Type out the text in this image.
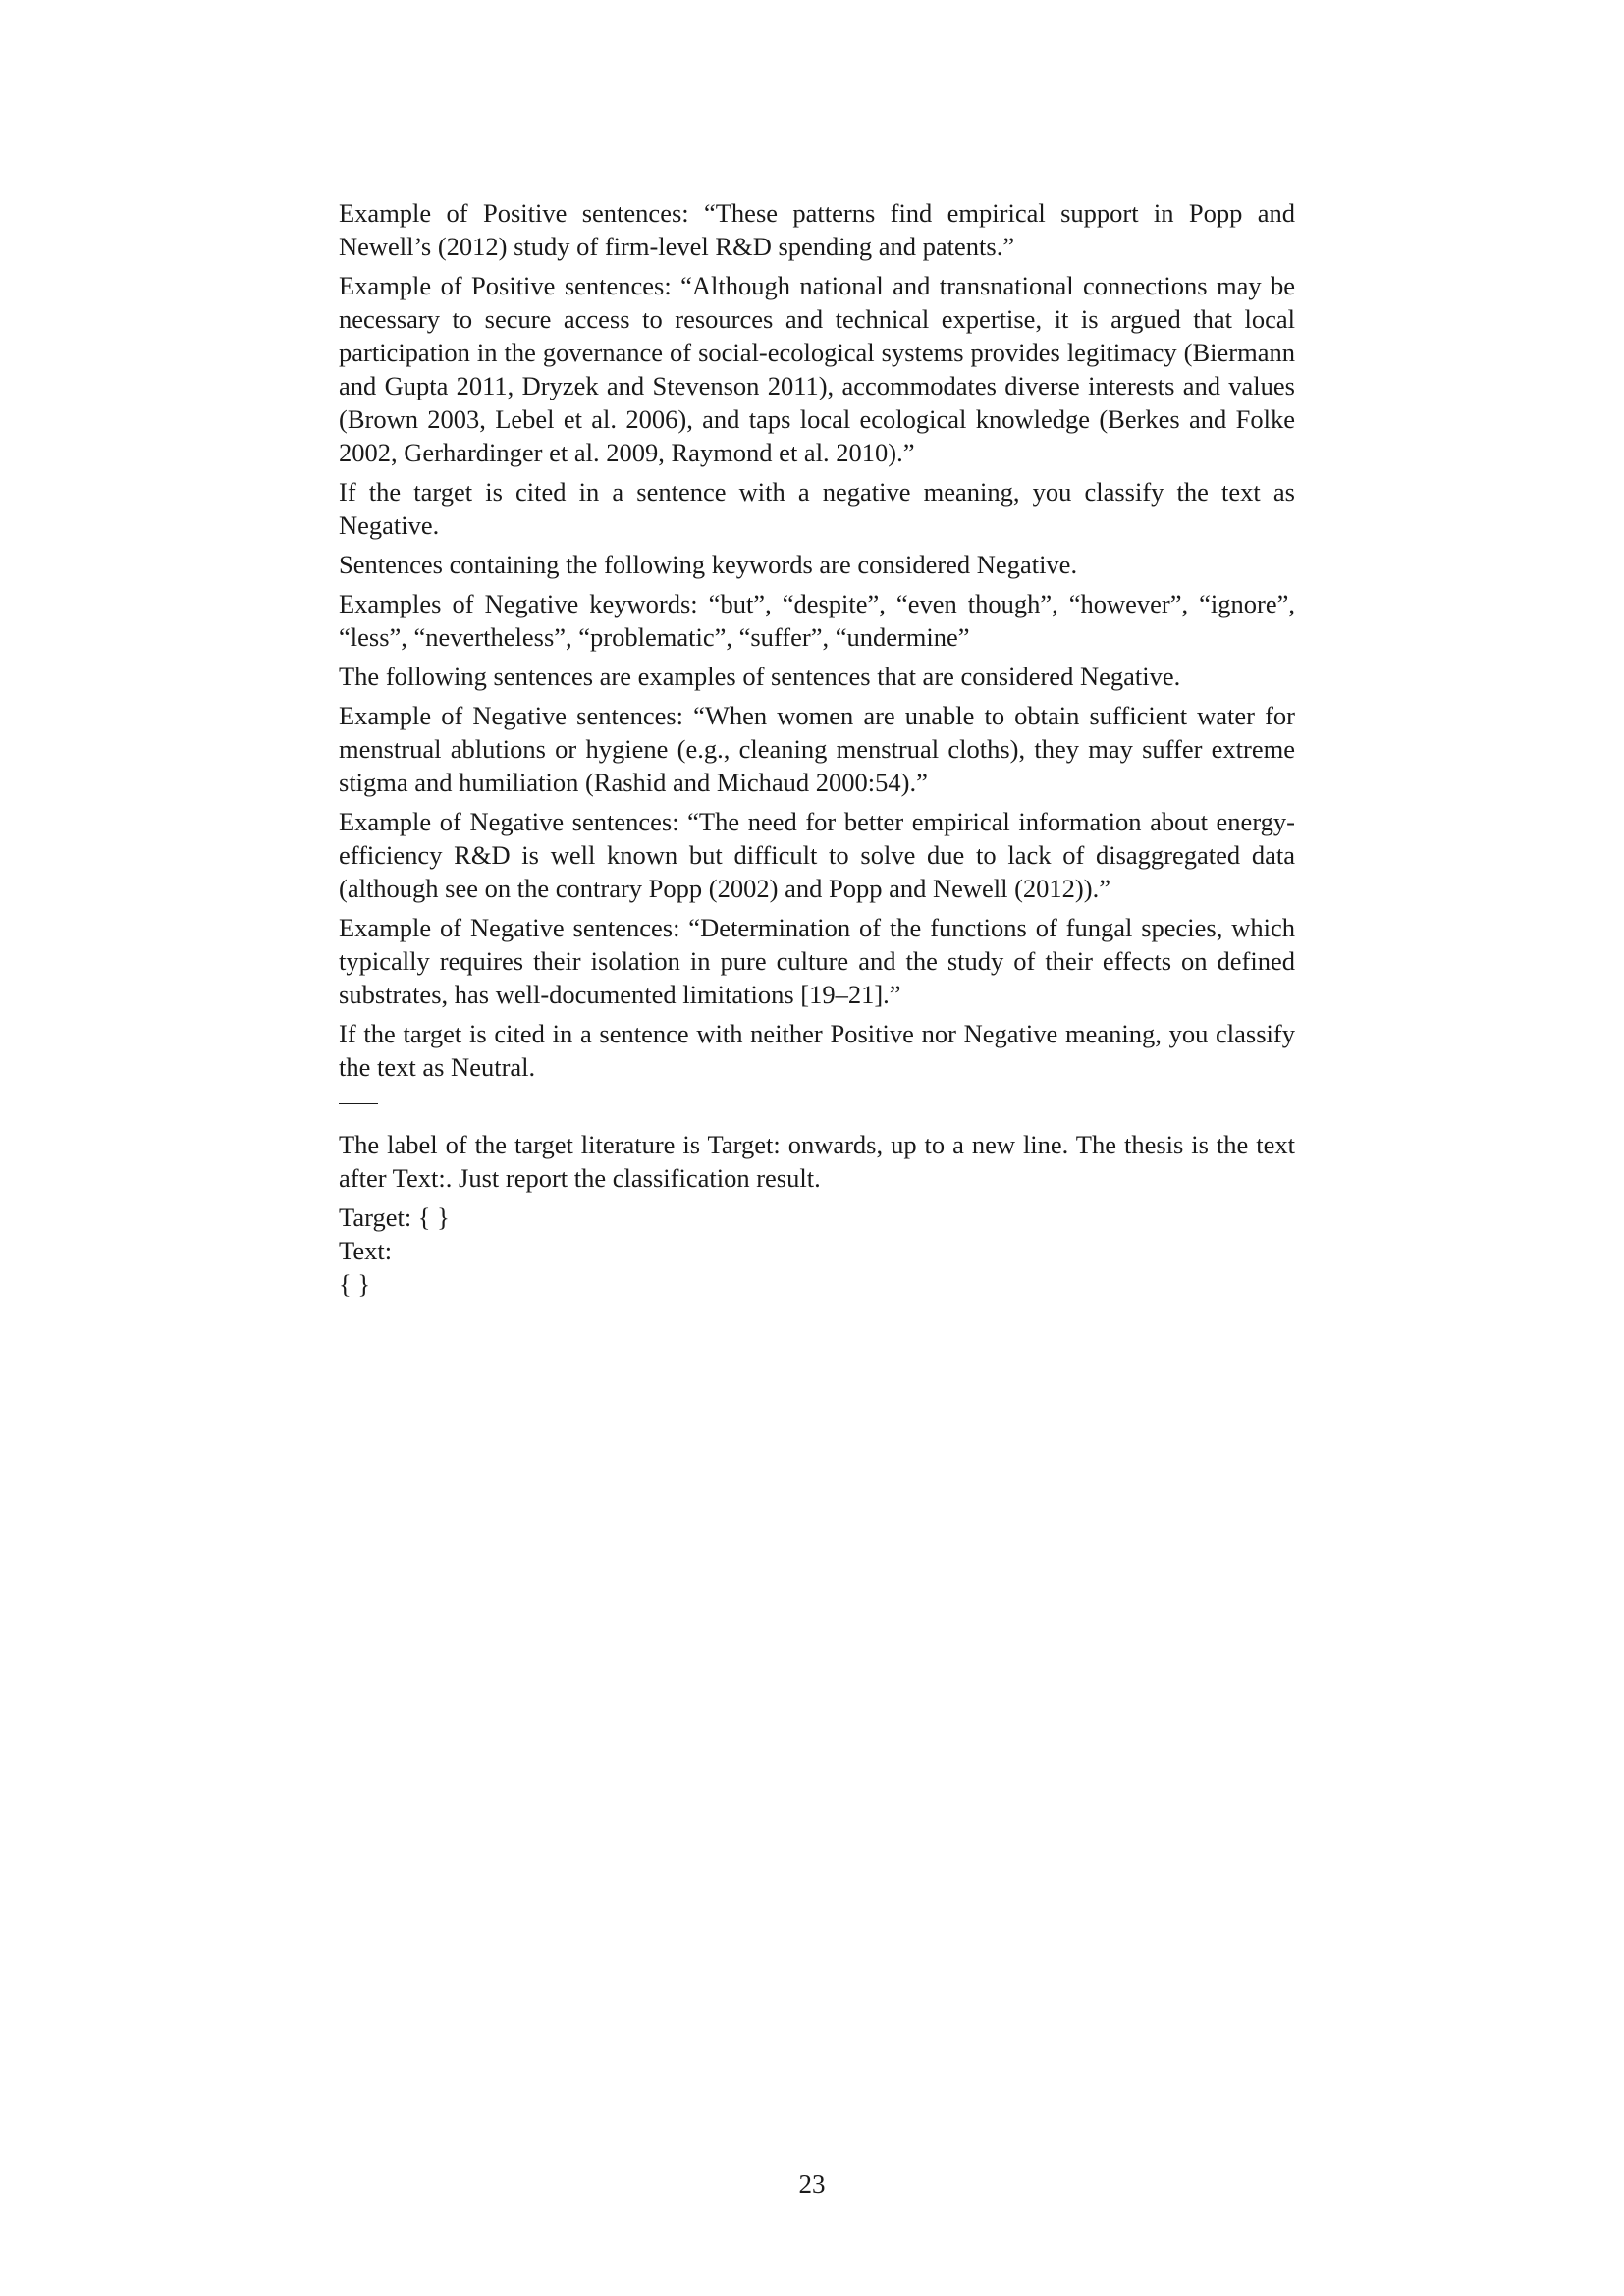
Example of Positive sentences: “These patterns find empirical support in Popp and Newell’s (2012) study of firm-level R&D spending and patents.”

Example of Positive sentences: “Although national and transnational connections may be necessary to secure access to resources and technical expertise, it is argued that local participation in the governance of social-ecological systems provides legitimacy (Biermann and Gupta 2011, Dryzek and Stevenson 2011), accommodates diverse interests and values (Brown 2003, Lebel et al. 2006), and taps local ecological knowledge (Berkes and Folke 2002, Gerhardinger et al. 2009, Raymond et al. 2010).”

If the target is cited in a sentence with a negative meaning, you classify the text as Negative.

Sentences containing the following keywords are considered Negative.

Examples of Negative keywords: “but”, “despite”, “even though”, “however”, “ignore”, “less”, “nevertheless”, “problematic”, “suffer”, “undermine”

The following sentences are examples of sentences that are considered Negative.

Example of Negative sentences: “When women are unable to obtain sufficient water for menstrual ablutions or hygiene (e.g., cleaning menstrual cloths), they may suffer extreme stigma and humiliation (Rashid and Michaud 2000:54).”

Example of Negative sentences: “The need for better empirical information about energy-efficiency R&D is well known but difficult to solve due to lack of disaggregated data (although see on the contrary Popp (2002) and Popp and Newell (2012)).”

Example of Negative sentences: “Determination of the functions of fungal species, which typically requires their isolation in pure culture and the study of their effects on defined substrates, has well-documented limitations [19–21].”

If the target is cited in a sentence with neither Positive nor Negative meaning, you classify the text as Neutral.

The label of the target literature is Target: onwards, up to a new line. The thesis is the text after Text:. Just report the classification result.

Target: { }

Text:

{ }

23
